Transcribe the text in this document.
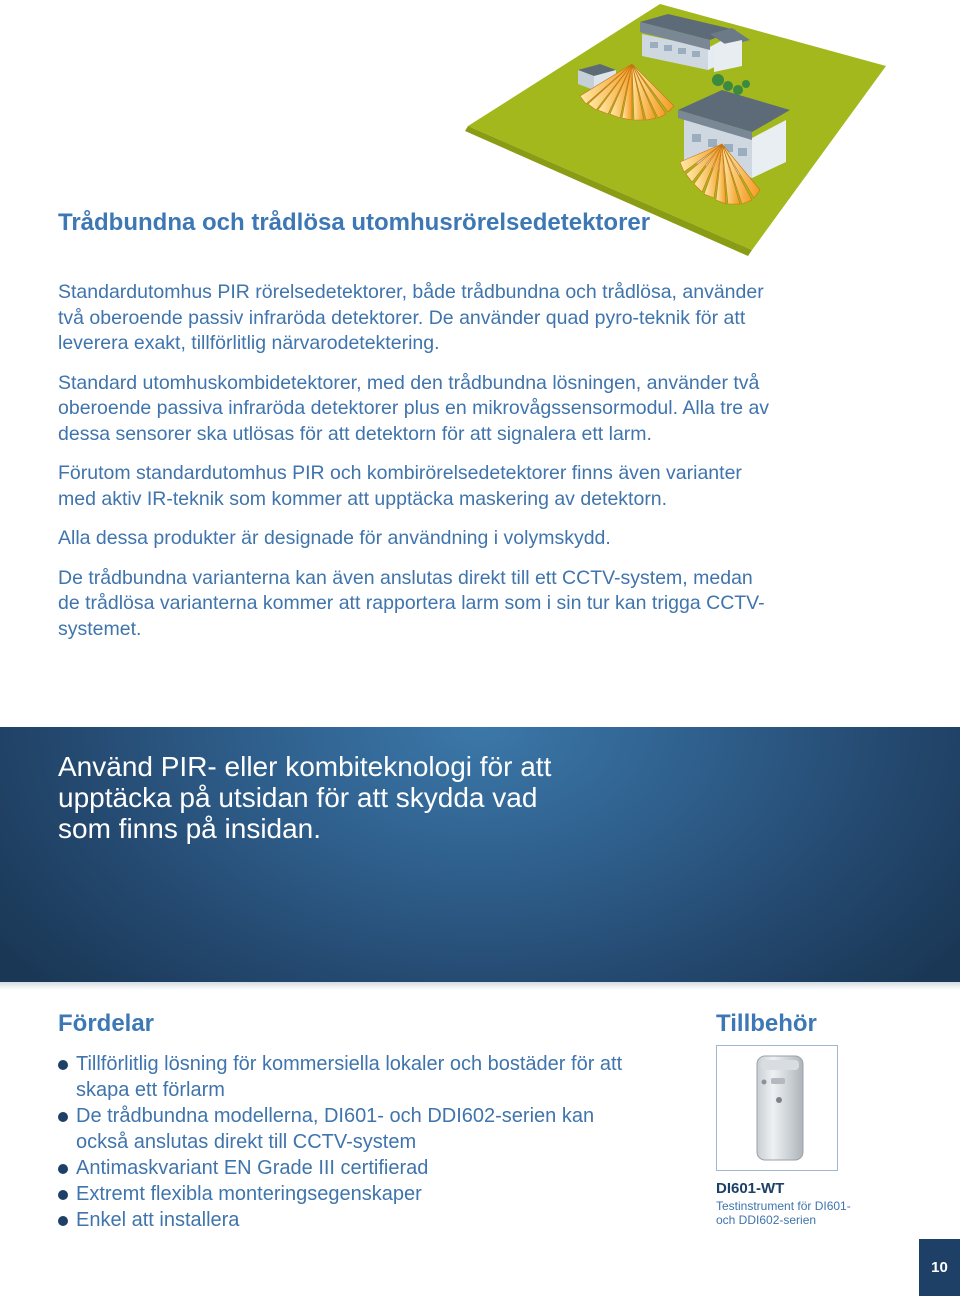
Trådbundna och trådlösa utomhusrörelsedetektorer

Standardutomhus PIR rörelsedetektorer, både trådbundna och trådlösa, använder två oberoende passiv infraröda detektorer. De använder quad pyro-teknik för att leverera exakt, tillförlitlig närvarodetektering.

Standard utomhuskombidetektorer, med den trådbundna lösningen, använder två oberoende passiva infraröda detektorer plus en mikrovågssensormodul. Alla tre av dessa sensorer ska utlösas för att detektorn för att signalera ett larm.

Förutom standardutomhus PIR och kombirörelsedetektorer finns även varianter med aktiv IR-teknik som kommer att upptäcka maskering av detektorn.

Alla dessa produkter är designade för användning i volymskydd.

De trådbundna varianterna kan även anslutas direkt till ett CCTV-system, medan de trådlösa varianterna kommer att rapportera larm som i sin tur kan trigga CCTV-systemet.

Använd PIR- eller kombiteknologi för att upptäcka på utsidan för att skydda vad som finns på insidan.

Fördelar
Tillförlitlig lösning för kommersiella lokaler och bostäder för att skapa ett förlarm
De trådbundna modellerna, DI601- och DDI602-serien kan också anslutas direkt till CCTV-system
Antimaskvariant EN Grade III certifierad
Extremt flexibla monteringsegenskaper
Enkel att installera
Tillbehör

DI601-WT

Testinstrument för DI601- och DDI602-serien

10
